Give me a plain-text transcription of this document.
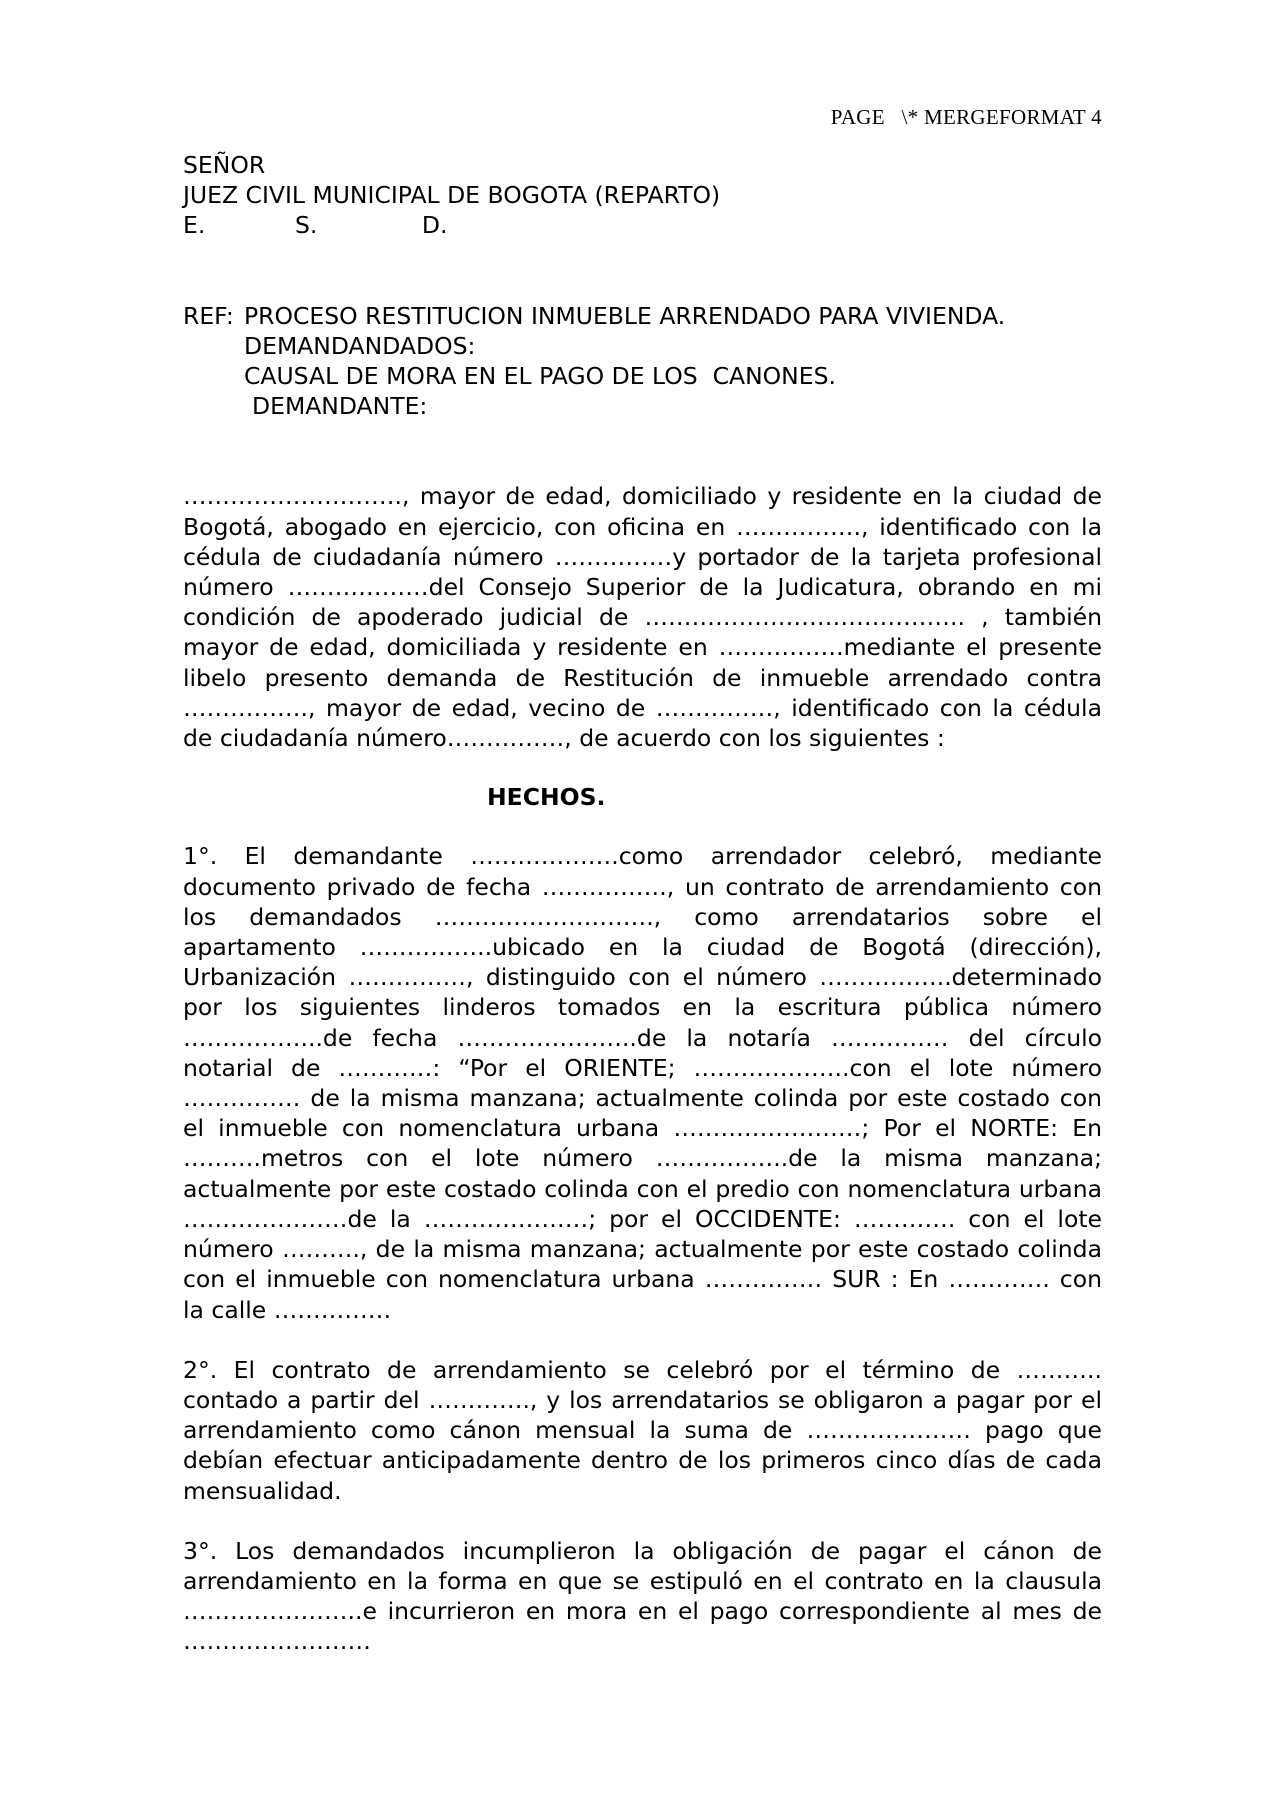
PAGE   \* MERGEFORMAT 4
SEÑOR
JUEZ CIVIL MUNICIPAL DE BOGOTA (REPARTO)
E.            S.              D.
REF: PROCESO RESTITUCION INMUEBLE ARRENDADO PARA VIVIENDA.
DEMANDANDADOS:
CAUSAL DE MORA EN EL PAGO DE LOS  CANONES.
DEMANDANTE:

………………………., mayor de edad, domiciliado y residente en la ciudad de Bogotá, abogado en ejercicio, con oficina en ……………., identificado con la cédula de ciudadanía número ……………y portador de la tarjeta profesional número ………………del Consejo Superior de la Judicatura, obrando en mi condición de apoderado judicial de ………………………………….. , también mayor de edad, domiciliada y residente en …………….mediante el presente libelo presento demanda de Restitución de inmueble arrendado contra ……………., mayor de edad, vecino de ……………, identificado con la cédula de ciudadanía número……………, de acuerdo con los siguientes :

HECHOS.

1°. El demandante ……………….como arrendador celebró, mediante documento privado de fecha ……………., un contrato de arrendamiento con los demandados ………………………., como arrendatarios sobre el apartamento ……………..ubicado en la ciudad de Bogotá (dirección), Urbanización ……………, distinguido con el número ……………..determinado por los siguientes linderos tomados en la escritura pública número ……………...de fecha …………………..de la notaría …………… del círculo notarial de …………: “Por el ORIENTE; ………………..con el lote número …………… de la misma manzana; actualmente colinda por este costado con el inmueble con nomenclatura urbana ……………………; Por el NORTE: En ……….metros con el lote número ……………..de la misma manzana; actualmente por este costado colinda con el predio con nomenclatura urbana …………………de la …………………; por el OCCIDENTE: …………. con el lote número ………., de la misma manzana; actualmente por este costado colinda con el inmueble con nomenclatura urbana …………… SUR : En …………. con la calle ……………

2°. El contrato de arrendamiento se celebró por el término de ……….. contado a partir del …………., y los arrendatarios se obligaron a pagar por el arrendamiento como cánon mensual la suma de ………………… pago que debían efectuar anticipadamente dentro de los primeros cinco días de cada mensualidad.

3°. Los demandados incumplieron la obligación de pagar el cánon de arrendamiento en la forma en que se estipuló en el contrato en la clausula …………………..e incurrieron en mora en el pago correspondiente al mes de ……………………
